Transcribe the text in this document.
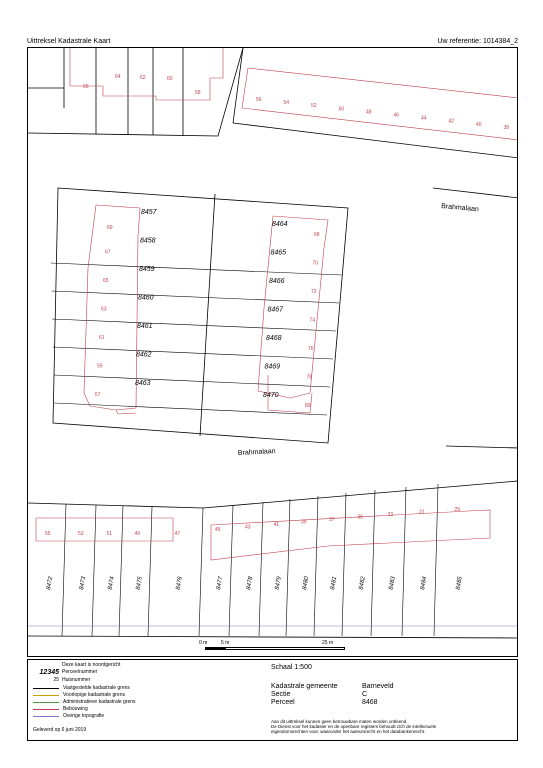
Uittreksel Kadastrale Kaart	Uw referentie: 1014384_2
66
64	62	60
58
56
54
52
50
48
46
44
42
40
38
8457
69
8458
67
8459
65
8460
63
8461
61
8462
59
8463
57
8464
68
8465
70
8466
72
8467
74
8468
76
8469
78
8470
80
Brahmalaan
Brahmalaan
8472
55
8473
53
8474
51
8475
49
8476
47
8477
45
8478
43
8479
41
8480
39
8481
37
8482
35
8483
33
8484
31
8485
29
0 m	5 m	25 m
Deze kaart is noordgericht
12345 Perceelnummer
25 Huisnummer
Vastgestelde kadastrale grens
Voorlopige kadastrale grens
Administratieve kadastrale grens
Bebouwing
Overige topografie
Geleverd op 6 juni 2019
Schaal 1:500
Kadastrale gemeente	Barneveld
Sectie	C
Perceel	8468
Aan dit uittreksel kunnen geen betrouwbare maten worden ontleend.
De Dienst voor het kadaster en de openbare registers behoudt zich de intellectuele
eigendomsrechten voor, waaronder het auteursrecht en het databankenrecht.
